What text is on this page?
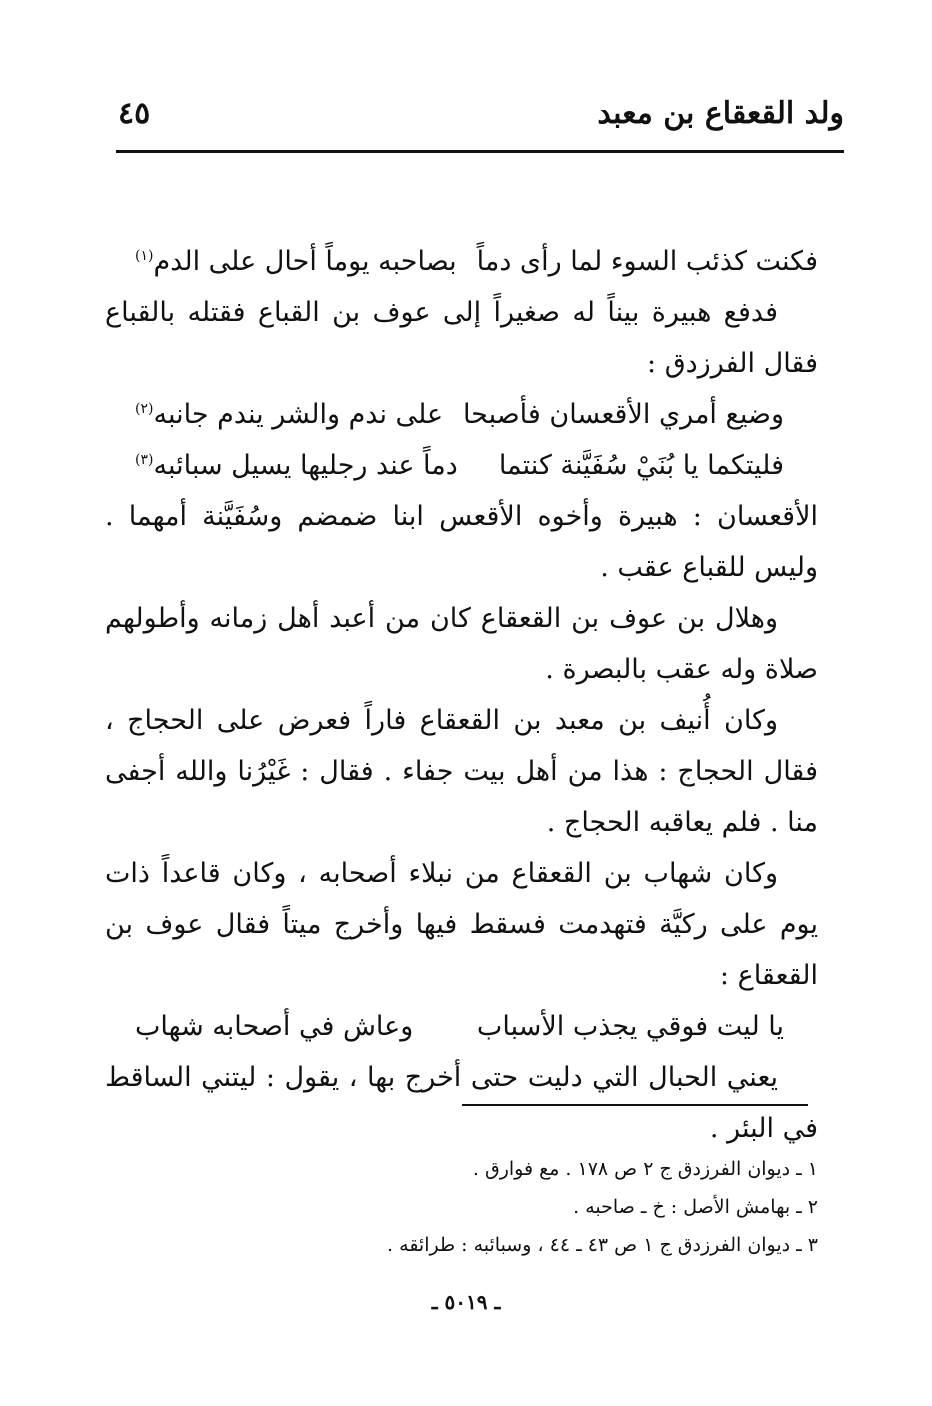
ولد القعقاع بن معبد
٤٥
فكنت كذئب السوء لما رأى دماً
بصاحبه يوماً أحال على الدم$^{(١)}$

فدفع هبيرة بيناً له صغيراً إلى عوف بن القباع فقتله بالقباع فقال الفرزدق :

وضيع أمري الأقعسان فأصبحا
على ندم والشر يندم جانبه$^{(٢)}$
فليتكما يا بُنَيْ سُفَيَّنة كنتما
دماً عند رجليها يسيل سبائبه$^{(٣)}$

الأقعسان : هبيرة وأخوه الأقعس ابنا ضمضم وسُفَيَّنة أمهما . وليس للقباع عقب .

وهلال بن عوف بن القعقاع كان من أعبد أهل زمانه وأطولهم صلاة وله عقب بالبصرة .

وكان أُنيف بن معبد بن القعقاع فاراً فعرض على الحجاج ، فقال الحجاج : هذا من أهل بيت جفاء . فقال : غَيْرُنا والله أجفى منا . فلم يعاقبه الحجاج .

وكان شهاب بن القعقاع من نبلاء أصحابه ، وكان قاعداً ذات يوم على ركيَّة فتهدمت فسقط فيها وأخرج ميتاً فقال عوف بن القعقاع :

يا ليت فوقي يجذب الأسباب
وعاش في أصحابه شهاب

يعني الحبال التي دليت حتى أخرج بها ، يقول : ليتني الساقط في البئر .

١ ـ ديوان الفرزدق ج ٢ ص ١٧٨ . مع فوارق .

٢ ـ بهامش الأصل : خ ـ صاحبه .

٣ ـ ديوان الفرزدق ج ١ ص ٤٣ ـ ٤٤ ، وسبائبه : طرائقه .

ـ ٥٠١٩ ـ
